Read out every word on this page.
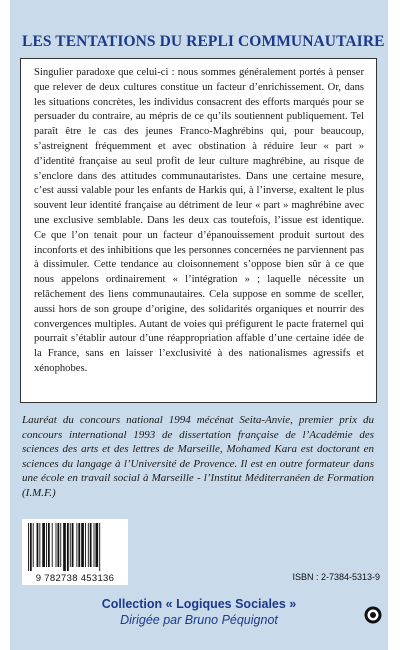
LES TENTATIONS DU REPLI COMMUNAUTAIRE

Singulier paradoxe que celui-ci : nous sommes généralement portés à penser que relever de deux cultures constitue un facteur d’enrichissement. Or, dans les situations concrètes, les individus consacrent des efforts marqués pour se persuader du contraire, au mépris de ce qu’ils soutiennent publiquement. Tel paraît être le cas des jeunes Franco-Maghrébins qui, pour beaucoup, s’astreignent fréquemment et avec obstination à réduire leur « part » d’identité française au seul profit de leur culture maghrébine, au risque de s’enclore dans des attitudes communautaristes. Dans une certaine mesure, c’est aussi valable pour les enfants de Harkis qui, à l’inverse, exaltent le plus souvent leur identité française au détriment de leur « part » maghrébine avec une exclusive semblable. Dans les deux cas toutefois, l’issue est identique. Ce que l’on tenait pour un facteur d’épanouissement produit surtout des inconforts et des inhibitions que les personnes concernées ne parviennent pas à dissimuler. Cette tendance au cloisonnement s’oppose bien sûr à ce que nous appelons ordinairement « l’intégration » ; laquelle nécessite un relâchement des liens communautaires. Cela suppose en somme de sceller, aussi hors de son groupe d’origine, des solidarités organiques et nourrir des convergences multiples. Autant de voies qui préfigurent le pacte fraternel qui pourrait s’établir autour d’une réappropriation affable d’une certaine idée de la France, sans en laisser l’exclusivité à des nationalismes agressifs et xénophobes.

Lauréat du concours national 1994 mécénat Seita-Anvie, premier prix du concours international 1993 de dissertation française de l’Académie des sciences des arts et des lettres de Marseille, Mohamed Kara est doctorant en sciences du langage à l’Université de Provence. Il est en outre formateur dans une école en travail social à Marseille - l’Institut Méditerranéen de Formation (I.M.F.)

9 782738 453136	ISBN : 2-7384-5313-9

Collection « Logiques Sociales »

Dirigée par Bruno Péquignot
